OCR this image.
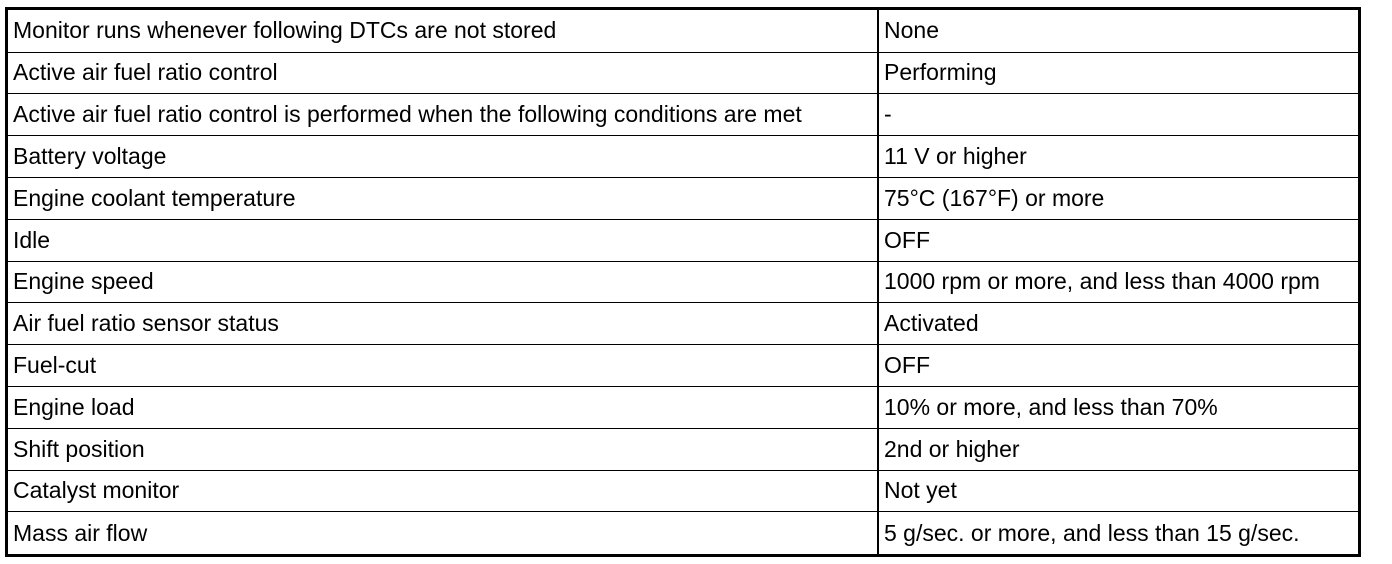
Monitor runs whenever following DTCs are not stored	None
Active air fuel ratio control	Performing
Active air fuel ratio control is performed when the following conditions are met	-
Battery voltage	11 V or higher
Engine coolant temperature	75°C (167°F) or more
Idle	OFF
Engine speed	1000 rpm or more, and less than 4000 rpm
Air fuel ratio sensor status	Activated
Fuel-cut	OFF
Engine load	10% or more, and less than 70%
Shift position	2nd or higher
Catalyst monitor	Not yet
Mass air flow	5 g/sec. or more, and less than 15 g/sec.
